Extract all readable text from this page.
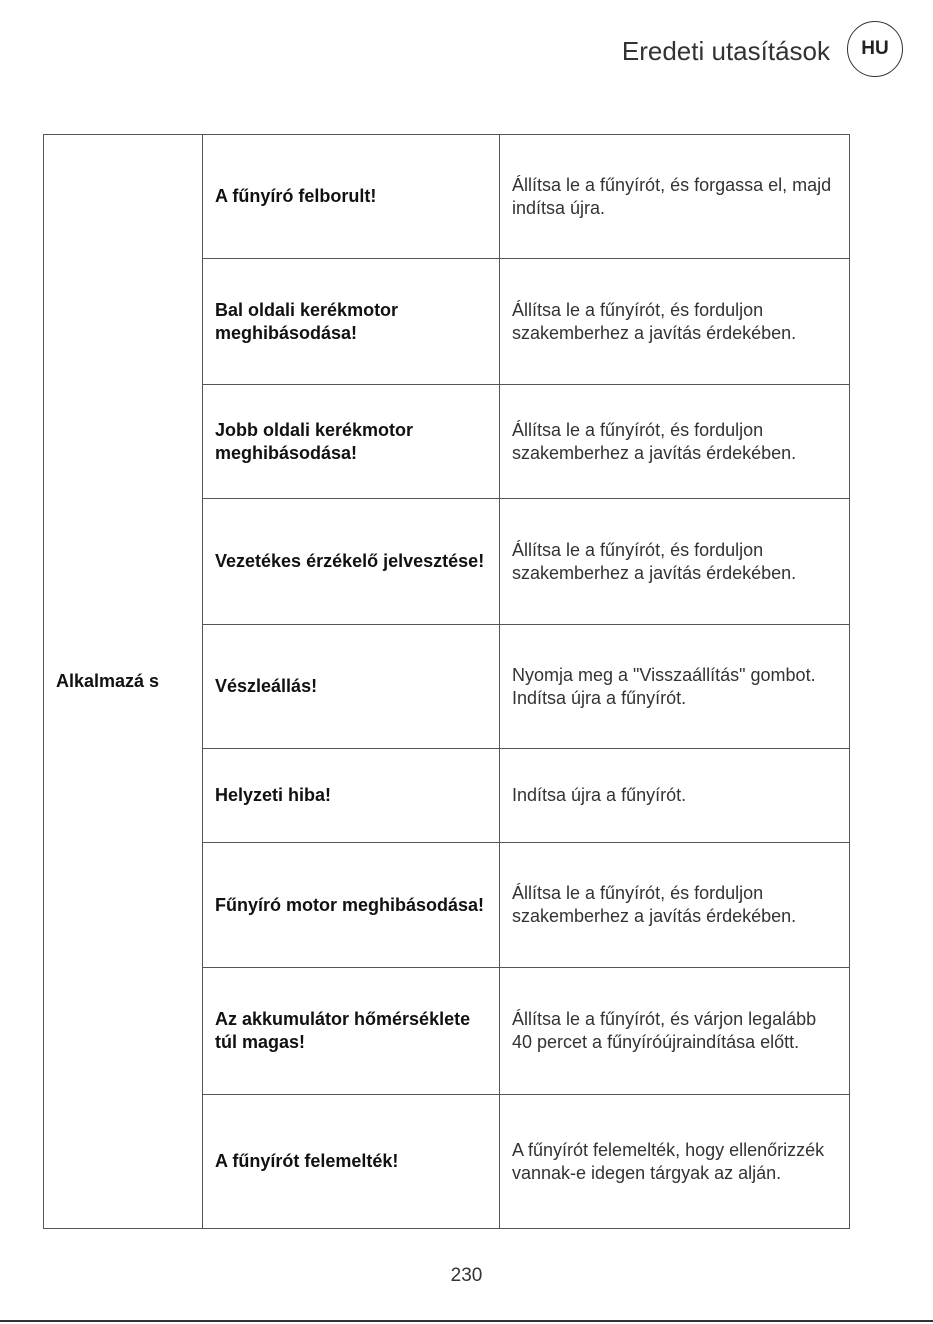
Eredeti utasítások	HU
Alkalmazá s	A fűnyíró felborult!	Állítsa le a fűnyírót, és forgassa el, majd indítsa újra.
	Bal oldali kerékmotor meghibásodása!	Állítsa le a fűnyírót, és forduljon szakemberhez a javítás érdekében.
	Jobb oldali kerékmotor meghibásodása!	Állítsa le a fűnyírót, és forduljon szakemberhez a javítás érdekében.
	Vezetékes érzékelő jelvesztése!	Állítsa le a fűnyírót, és forduljon szakemberhez a javítás érdekében.
	Vészleállás!	Nyomja meg a "Visszaállítás" gombot. Indítsa újra a fűnyírót.
	Helyzeti hiba!	Indítsa újra a fűnyírót.
	Fűnyíró motor meghibásodása!	Állítsa le a fűnyírót, és forduljon szakemberhez a javítás érdekében.
	Az akkumulátor hőmérséklete túl magas!	Állítsa le a fűnyírót, és várjon legalább 40 percet a fűnyíróújraindítása előtt.
	A fűnyírót felemelték!	A fűnyírót felemelték, hogy ellenőrizzék vannak-e idegen tárgyak az alján.
230
